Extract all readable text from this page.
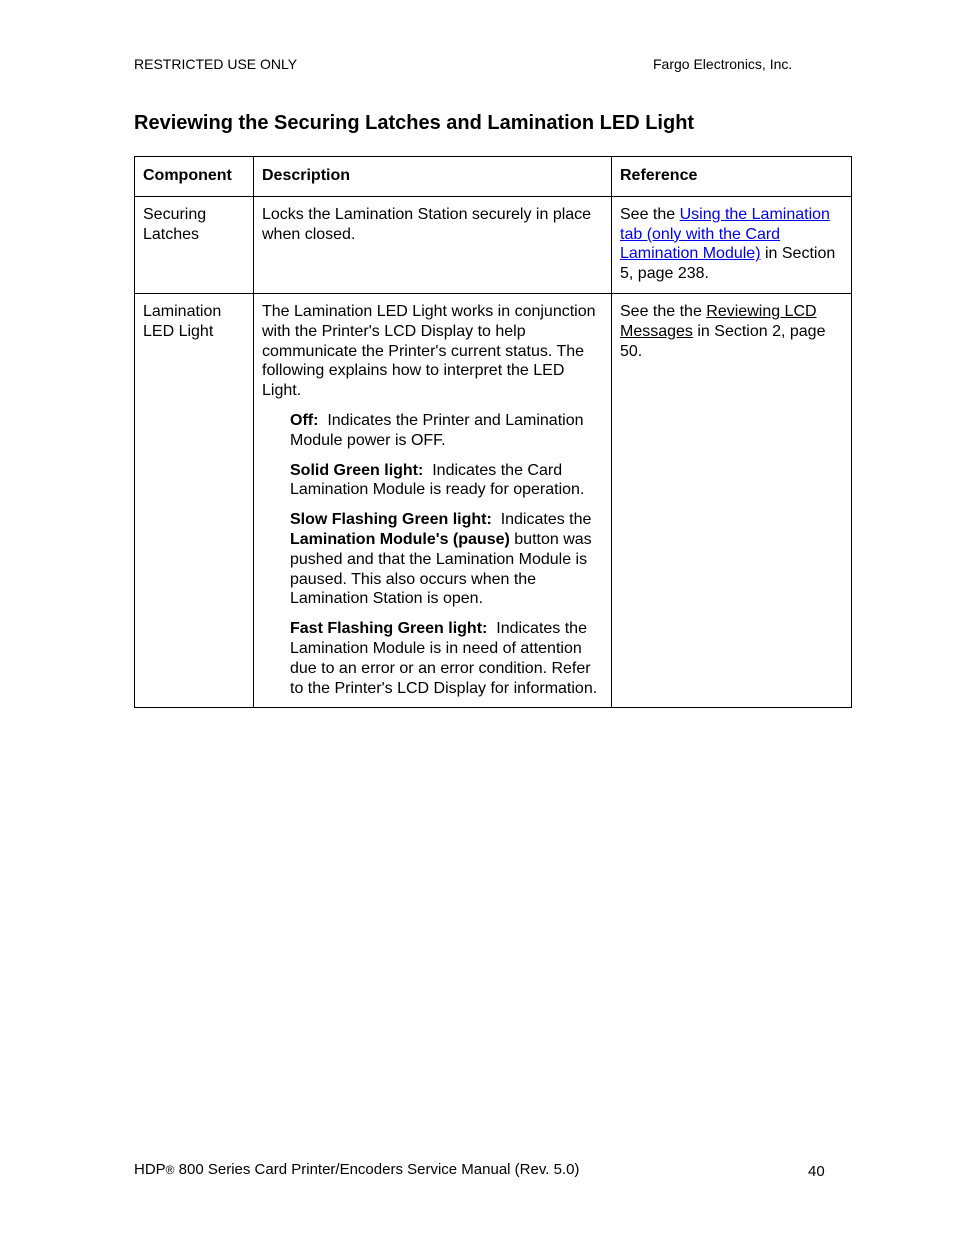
RESTRICTED USE ONLY	Fargo Electronics, Inc.
Reviewing the Securing Latches and Lamination LED Light
Component	Description	Reference
Securing Latches	Locks the Lamination Station securely in place when closed.	See the Using the Lamination tab (only with the Card Lamination Module) in Section 5, page 238.
Lamination LED Light	The Lamination LED Light works in conjunction with the Printer's LCD Display to help communicate the Printer's current status. The following explains how to interpret the LED Light.
Off:  Indicates the Printer and Lamination Module power is OFF.
Solid Green light:  Indicates the Card Lamination Module is ready for operation.
Slow Flashing Green light:  Indicates the Lamination Module's (pause) button was pushed and that the Lamination Module is paused. This also occurs when the Lamination Station is open.
Fast Flashing Green light:  Indicates the Lamination Module is in need of attention due to an error or an error condition. Refer to the Printer's LCD Display for information.	See the the Reviewing LCD Messages in Section 2, page 50.
HDP® 800 Series Card Printer/Encoders Service Manual (Rev. 5.0)	40
